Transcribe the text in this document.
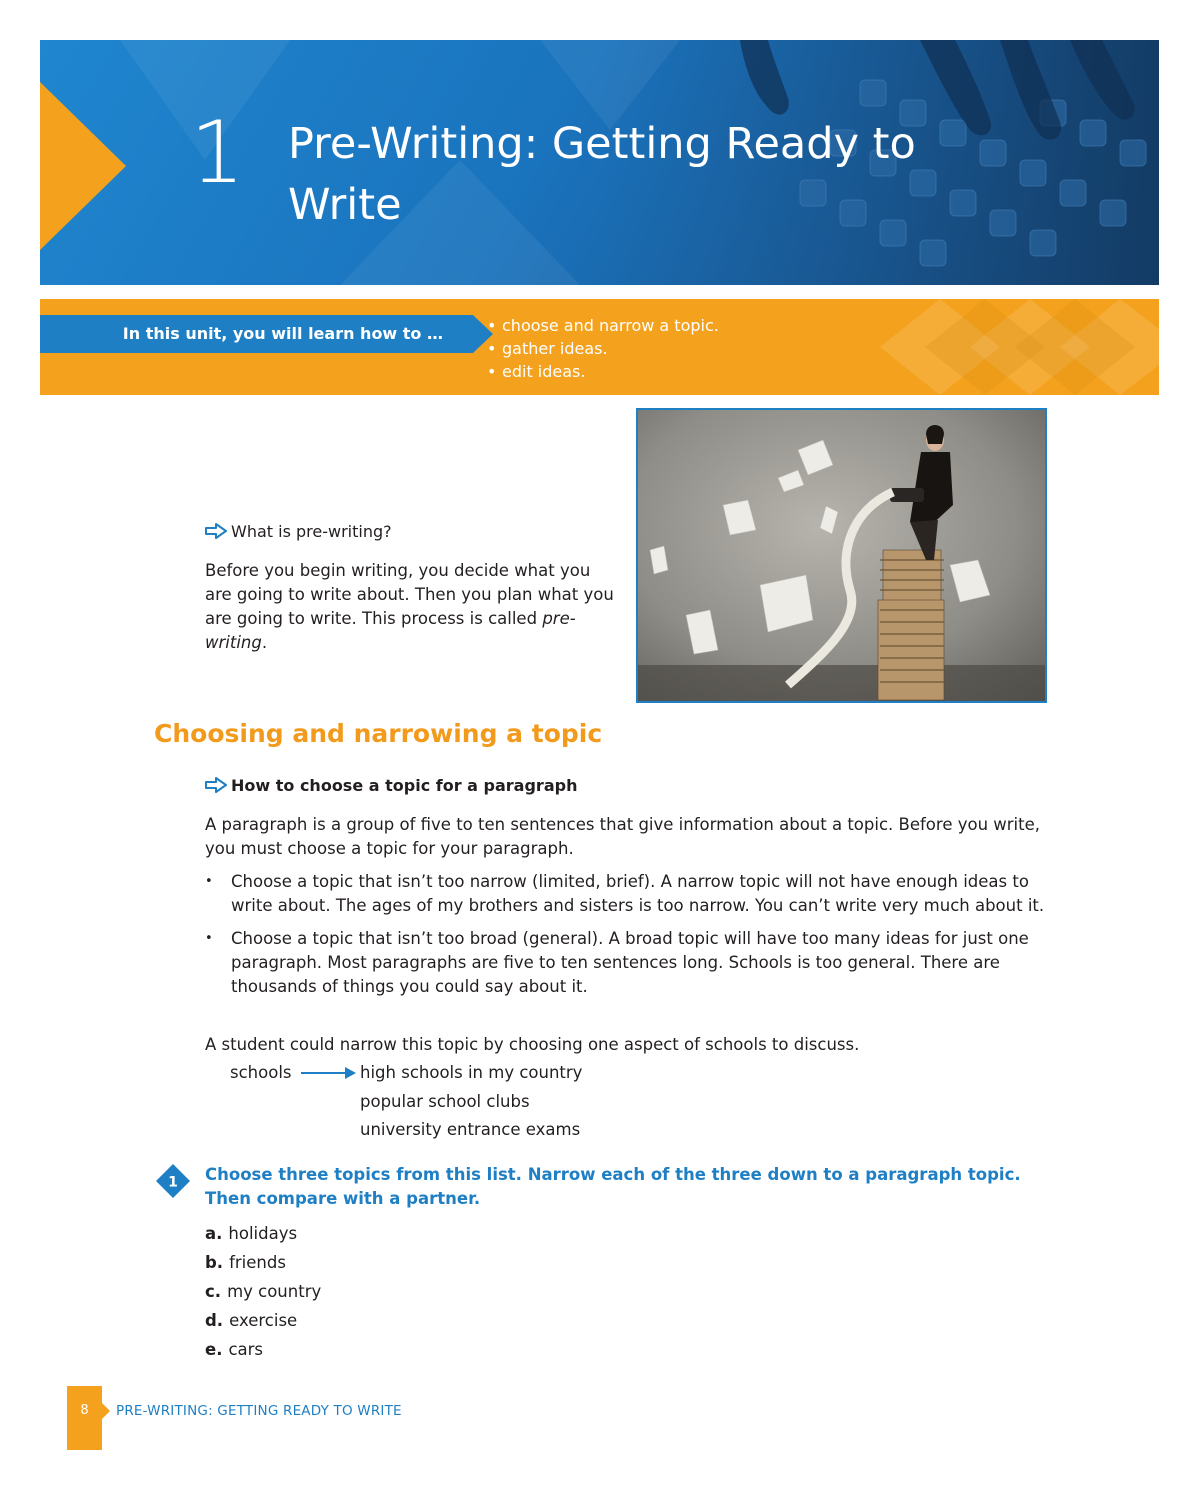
1 Pre-Writing: Getting Ready to Write
In this unit, you will learn how to …
•	choose and narrow a topic.
• gather ideas.
• edit ideas.
What is pre-writing?

Before you begin writing, you decide what you are going to write about. Then you plan what you are going to write. This process is called pre-writing.

Choosing and narrowing a topic
How to choose a topic for a paragraph

A paragraph is a group of five to ten sentences that give information about a topic. Before you write, you must choose a topic for your paragraph.

• Choose a topic that isn’t too narrow (limited, brief). A narrow topic will not have enough ideas to write about. The ages of my brothers and sisters is too narrow. You can’t write very much about it.
• Choose a topic that isn’t too broad (general). A broad topic will have too many ideas for just one paragraph. Most paragraphs are five to ten sentences long. Schools is too general. There are thousands of things you could say about it.

A student could narrow this topic by choosing one aspect of schools to discuss.

schools	high schools in my country
popular school clubs
university entrance exams
1 Choose three topics from this list. Narrow each of the three down to a paragraph topic. Then compare with a partner.

a. holidays
b. friends
c. my country
d. exercise
e. cars
8	PRE-WRITING: GETTING READY TO WRITE
